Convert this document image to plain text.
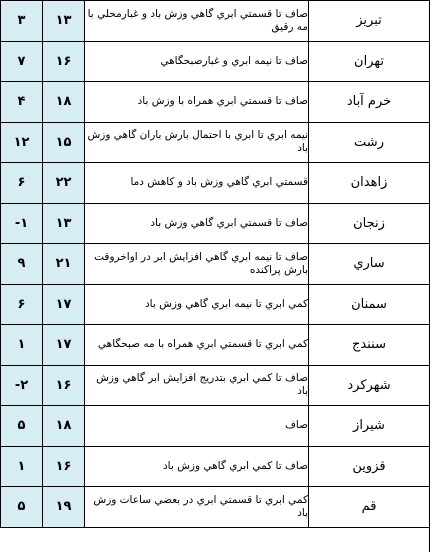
۳	۱۳	صاف تا قسمتي ابري گاهي وزش باد و غبارمحلي با مه رقيق	تبریز
۷	۱۶	صاف تا نيمه ابري و غبارصبحگاهي	تهران
۴	۱۸	صاف تا قسمتي ابري همراه با وزش باد	خرم آباد
۱۲	۱۵	نيمه ابري تا ابري با احتمال بارش باران گاهي وزش باد	رشت
۶	۲۲	قسمتي ابري گاهي وزش باد و كاهش دما	زاهدان
-۱	۱۳	صاف تا قسمتي ابري گاهي وزش باد	زنجان
۹	۲۱	صاف تا نيمه ابري گاهي افزايش ابر در اواخروقت بارش پراكنده	ساري
۶	۱۷	كمي ابري تا نيمه ابري گاهي وزش باد	سمنان
۱	۱۷	كمي ابري تا قسمتي ابري همراه با مه صبحگاهي	سنندج
-۲	۱۶	صاف تا كمي ابري بتدريج افزايش ابر گاهي وزش باد	شهركرد
۵	۱۸	صاف	شيراز
۱	۱۶	صاف تا كمي ابري گاهي وزش باد	قزوين
۵	۱۹	كمي ابري تا قسمتي ابري در بعضي ساعات وزش باد	قم
